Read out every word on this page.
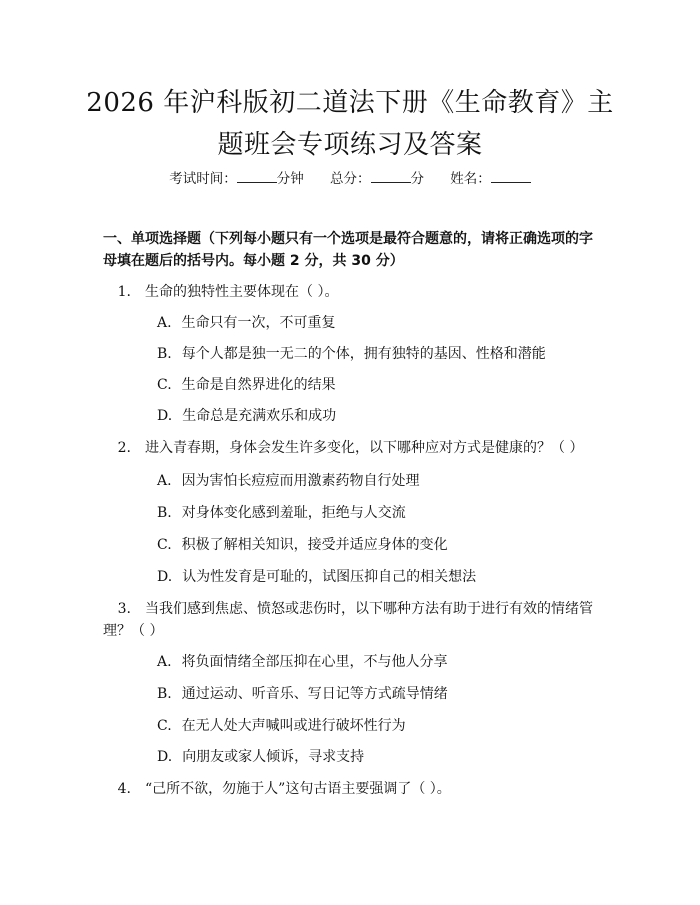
2026 年沪科版初二道法下册《生命教育》主
题班会专项练习及答案
考试时间：	分钟 总分：	分 姓名：
一、单项选择题（下列每小题只有一个选项是最符合题意的，请将正确选项的字
母填在题后的括号内。每小题 2 分，共 30 分）
1. 生命的独特性主要体现在（ ）。
A. 生命只有一次，不可重复
B. 每个人都是独一无二的个体，拥有独特的基因、性格和潜能
C. 生命是自然界进化的结果
D. 生命总是充满欢乐和成功
2. 进入青春期，身体会发生许多变化，以下哪种应对方式是健康的？（ ）
A. 因为害怕长痘痘而用激素药物自行处理
B. 对身体变化感到羞耻，拒绝与人交流
C. 积极了解相关知识，接受并适应身体的变化
D. 认为性发育是可耻的，试图压抑自己的相关想法
3. 当我们感到焦虑、愤怒或悲伤时，以下哪种方法有助于进行有效的情绪管
理？（ ）
A. 将负面情绪全部压抑在心里，不与他人分享
B. 通过运动、听音乐、写日记等方式疏导情绪
C. 在无人处大声喊叫或进行破坏性行为
D. 向朋友或家人倾诉，寻求支持
4. “己所不欲，勿施于人”这句古语主要强调了（ ）。
